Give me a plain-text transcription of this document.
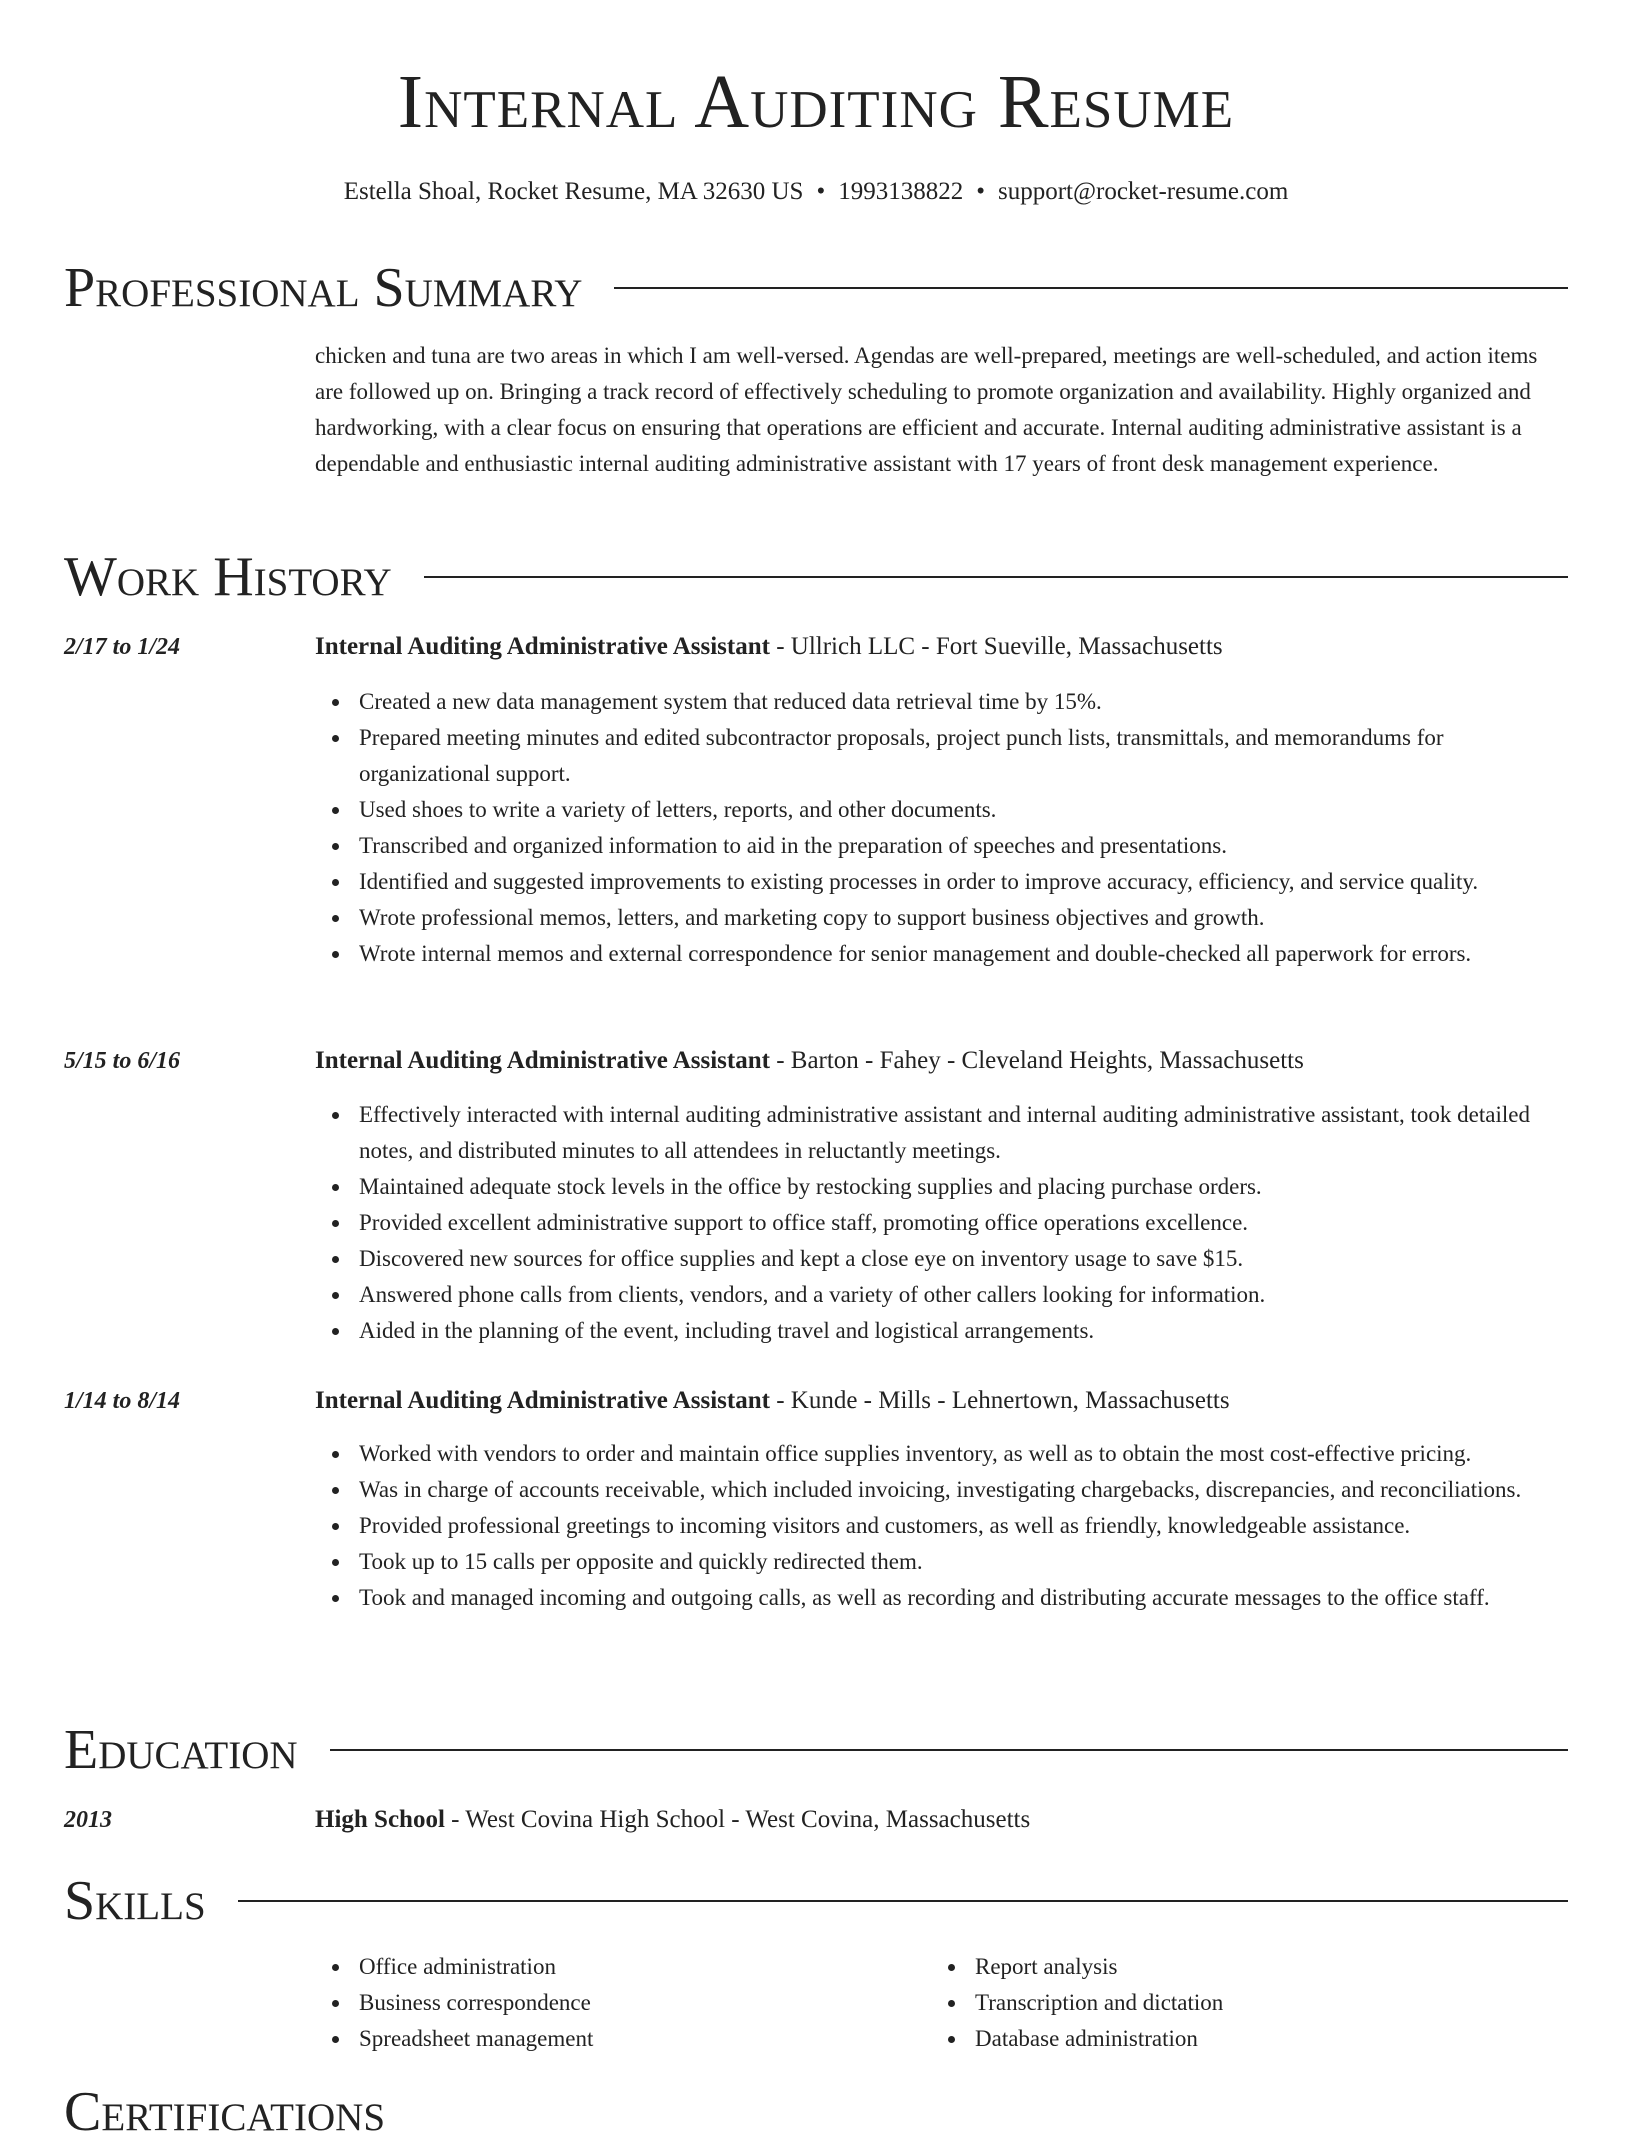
Internal Auditing Resume
Estella Shoal, Rocket Resume, MA 32630 US • 1993138822 • support@rocket-resume.com
Professional Summary

chicken and tuna are two areas in which I am well-versed. Agendas are well-prepared, meetings are well-scheduled, and action items are followed up on. Bringing a track record of effectively scheduling to promote organization and availability. Highly organized and hardworking, with a clear focus on ensuring that operations are efficient and accurate. Internal auditing administrative assistant is a dependable and enthusiastic internal auditing administrative assistant with 17 years of front desk management experience.

Work History
2/17 to 1/24	Internal Auditing Administrative Assistant - Ullrich LLC - Fort Sueville, Massachusetts
Created a new data management system that reduced data retrieval time by 15%.
Prepared meeting minutes and edited subcontractor proposals, project punch lists, transmittals, and memorandums for organizational support.
Used shoes to write a variety of letters, reports, and other documents.
Transcribed and organized information to aid in the preparation of speeches and presentations.
Identified and suggested improvements to existing processes in order to improve accuracy, efficiency, and service quality.
Wrote professional memos, letters, and marketing copy to support business objectives and growth.
Wrote internal memos and external correspondence for senior management and double-checked all paperwork for errors.
5/15 to 6/16	Internal Auditing Administrative Assistant - Barton - Fahey - Cleveland Heights, Massachusetts
Effectively interacted with internal auditing administrative assistant and internal auditing administrative assistant, took detailed notes, and distributed minutes to all attendees in reluctantly meetings.
Maintained adequate stock levels in the office by restocking supplies and placing purchase orders.
Provided excellent administrative support to office staff, promoting office operations excellence.
Discovered new sources for office supplies and kept a close eye on inventory usage to save $15.
Answered phone calls from clients, vendors, and a variety of other callers looking for information.
Aided in the planning of the event, including travel and logistical arrangements.
1/14 to 8/14	Internal Auditing Administrative Assistant - Kunde - Mills - Lehnertown, Massachusetts
Worked with vendors to order and maintain office supplies inventory, as well as to obtain the most cost-effective pricing.
Was in charge of accounts receivable, which included invoicing, investigating chargebacks, discrepancies, and reconciliations.
Provided professional greetings to incoming visitors and customers, as well as friendly, knowledgeable assistance.
Took up to 15 calls per opposite and quickly redirected them.
Took and managed incoming and outgoing calls, as well as recording and distributing accurate messages to the office staff.
Education
2013	High School - West Covina High School - West Covina, Massachusetts
Skills
Office administration
Business correspondence
Spreadsheet management
Report analysis
Transcription and dictation
Database administration
Certifications
